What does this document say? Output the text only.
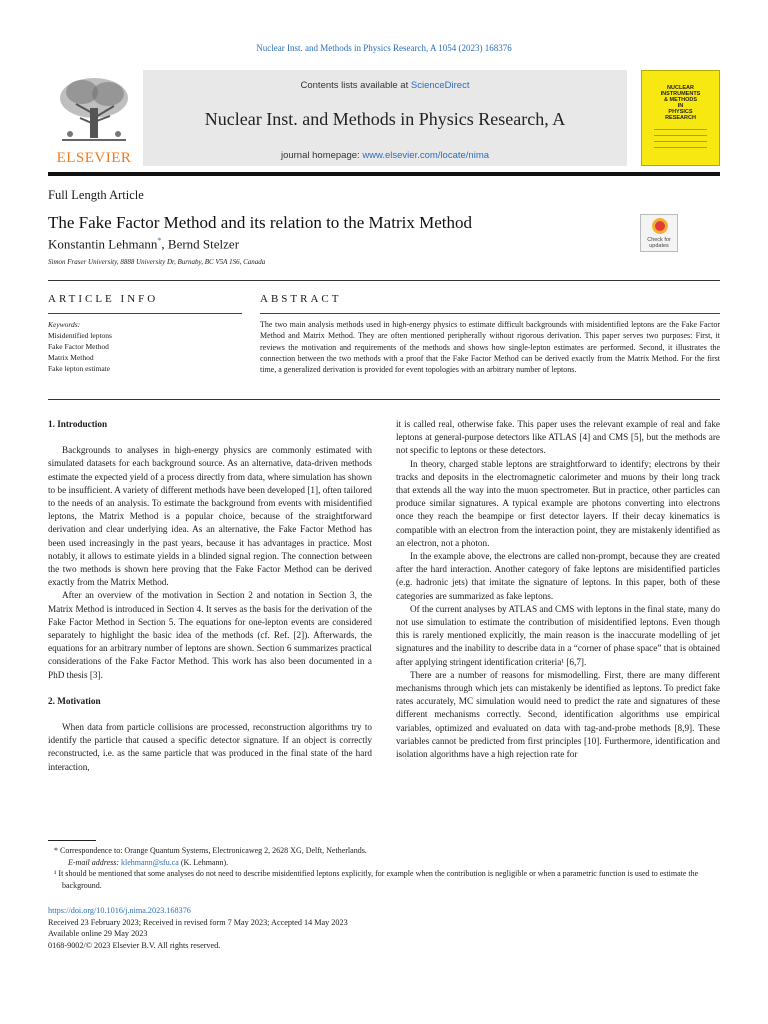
Nuclear Inst. and Methods in Physics Research, A 1054 (2023) 168376
ELSEVIER
Contents lists available at ScienceDirect
Nuclear Inst. and Methods in Physics Research, A
journal homepage: www.elsevier.com/locate/nima
NUCLEAR
INSTRUMENTS
& METHODS
IN
PHYSICS
RESEARCH
Full Length Article
The Fake Factor Method and its relation to the Matrix Method
Konstantin Lehmann*, Bernd Stelzer
Simon Fraser University, 8888 University Dr, Burnaby, BC V5A 1S6, Canada
Check for
updates
ARTICLE INFO	ABSTRACT
Keywords:
Misidentified leptons
Fake Factor Method
Matrix Method
Fake lepton estimate
The two main analysis methods used in high-energy physics to estimate difficult backgrounds with misidentified leptons are the Fake Factor Method and Matrix Method. They are often mentioned peripherally without rigorous derivation. This paper serves two purposes: First, it reviews the motivation and requirements of the methods and shows how single-lepton estimates are performed. Second, it illustrates the connection between the two methods with a proof that the Fake Factor Method can be derived exactly from the Matrix Method. For the first time, a generalized derivation is provided for event topologies with an arbitrary number of leptons.

1. Introduction

Backgrounds to analyses in high-energy physics are commonly estimated with simulated datasets for each background source. As an alternative, data-driven methods estimate the expected yield of a process directly from data, where simulation has shown to be insufficient. A variety of different methods have been developed [1], often tailored to the needs of an analysis. To estimate the background from events with misidentified leptons, the Matrix Method is a popular choice, because of the straightforward derivation and clear underlying idea. As an alternative, the Fake Factor Method has been used increasingly in the past years, because it has advantages in practice. Most notably, it allows to estimate yields in a blinded signal region. The connection between the two methods is shown here proving that the Fake Factor Method can be derived exactly from the Matrix Method.

After an overview of the motivation in Section 2 and notation in Section 3, the Matrix Method is introduced in Section 4. It serves as the basis for the derivation of the Fake Factor Method in Section 5. The equations for one-lepton events are considered separately to highlight the basic idea of the methods (cf. Ref. [2]). Afterwards, the equations for an arbitrary number of leptons are shown. Section 6 summarizes practical considerations of the Fake Factor Method. This work has also been documented in a PhD thesis [3].

2. Motivation

When data from particle collisions are processed, reconstruction algorithms try to identify the particle that caused a specific detector signature. If an object is correctly reconstructed, i.e. as the same particle that was produced in the final state of the hard interaction,

it is called real, otherwise fake. This paper uses the relevant example of real and fake leptons at general-purpose detectors like ATLAS [4] and CMS [5], but the methods are not specific to leptons or these detectors.

In theory, charged stable leptons are straightforward to identify; electrons by their tracks and deposits in the electromagnetic calorimeter and muons by their long track that extends all the way into the muon spectrometer. But in practice, other particles can produce similar signatures. A typical example are photons converting into electrons once they reach the beampipe or first detector layers. If their decay kinematics is compatible with an electron from the interaction point, they are mistakenly identified as an electron, not a photon.

In the example above, the electrons are called non-prompt, because they are created after the hard interaction. Another category of fake leptons are misidentified particles (e.g. hadronic jets) that imitate the signature of leptons. In this paper, both of these categories are summarized as fake leptons.

Of the current analyses by ATLAS and CMS with leptons in the final state, many do not use simulation to estimate the contribution of misidentified leptons. Even though this is rarely mentioned explicitly, the main reason is the inaccurate modelling of jet signatures and the inability to describe data in a “corner of phase space” that is obtained after applying stringent identification criteria¹ [6,7].

There are a number of reasons for mismodelling. First, there are many different mechanisms through which jets can mistakenly be identified as leptons. To predict fake rates accurately, MC simulation would need to predict the rate and signatures of these different mechanisms correctly. Second, identification algorithms use empirical variables, optimized and evaluated on data with tag-and-probe methods [8,9]. These variables cannot be predicted from first principles [10]. Furthermore, identification and isolation algorithms have a high rejection rate for

* Correspondence to: Orange Quantum Systems, Electronicaweg 2, 2628 XG, Delft, Netherlands.
E-mail address: klehmann@sfu.ca (K. Lehmann).
¹ It should be mentioned that some analyses do not need to describe misidentified leptons explicitly, for example when the contribution is negligible or when a parametric function is used to estimate the background.
https://doi.org/10.1016/j.nima.2023.168376
Received 23 February 2023; Received in revised form 7 May 2023; Accepted 14 May 2023
Available online 29 May 2023
0168-9002/© 2023 Elsevier B.V. All rights reserved.
